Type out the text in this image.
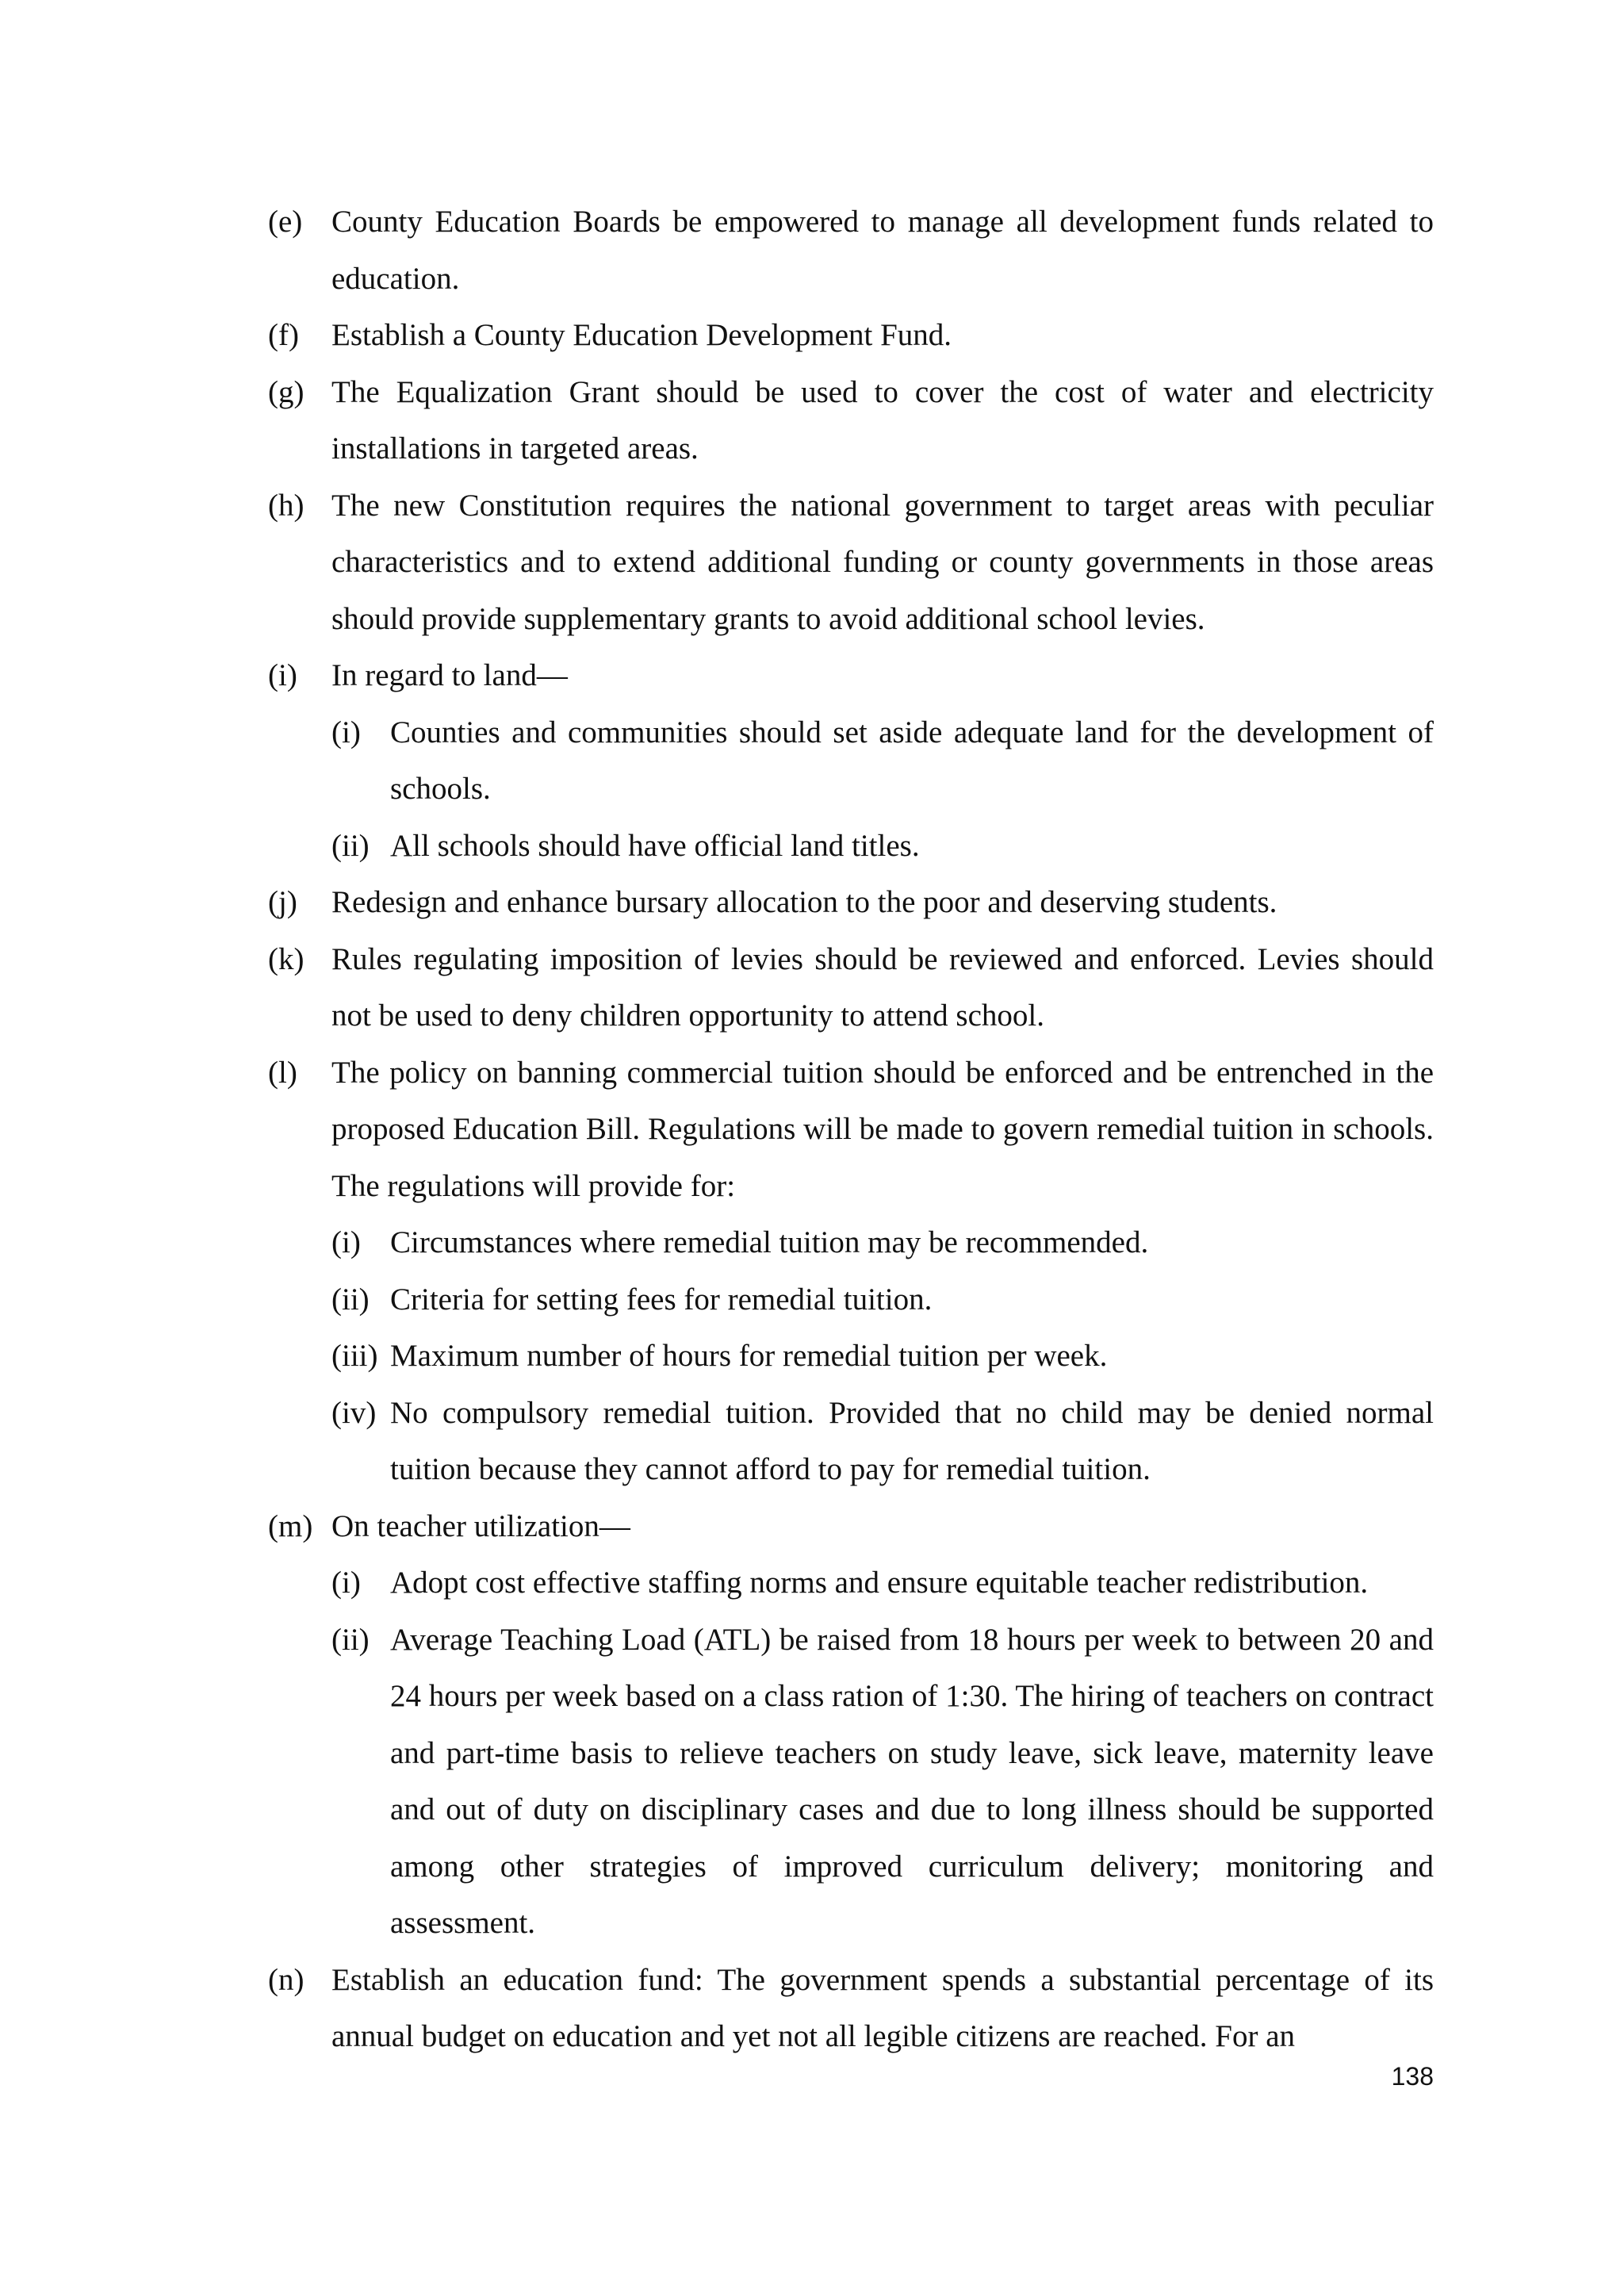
(e) County Education Boards be empowered to manage all development funds related to education.
(f) Establish a County Education Development Fund.
(g) The Equalization Grant should be used to cover the cost of water and electricity installations in targeted areas.
(h) The new Constitution requires the national government to target areas with peculiar characteristics and to extend additional funding or county governments in those areas should provide supplementary grants to avoid additional school levies.
(i) In regard to land—
(i) Counties and communities should set aside adequate land for the development of schools.
(ii) All schools should have official land titles.
(j) Redesign and enhance bursary allocation to the poor and deserving students.
(k) Rules regulating imposition of levies should be reviewed and enforced. Levies should not be used to deny children opportunity to attend school.
(l) The policy on banning commercial tuition should be enforced and be entrenched in the proposed Education Bill. Regulations will be made to govern remedial tuition in schools. The regulations will provide for:
(i) Circumstances where remedial tuition may be recommended.
(ii) Criteria for setting fees for remedial tuition.
(iii) Maximum number of hours for remedial tuition per week.
(iv) No compulsory remedial tuition. Provided that no child may be denied normal tuition because they cannot afford to pay for remedial tuition.
(m) On teacher utilization—
(i) Adopt cost effective staffing norms and ensure equitable teacher redistribution.
(ii) Average Teaching Load (ATL) be raised from 18 hours per week to between 20 and 24 hours per week based on a class ration of 1:30. The hiring of teachers on contract and part-time basis to relieve teachers on study leave, sick leave, maternity leave and out of duty on disciplinary cases and due to long illness should be supported among other strategies of improved curriculum delivery; monitoring and assessment.
(n) Establish an education fund: The government spends a substantial percentage of its annual budget on education and yet not all legible citizens are reached. For an
138
